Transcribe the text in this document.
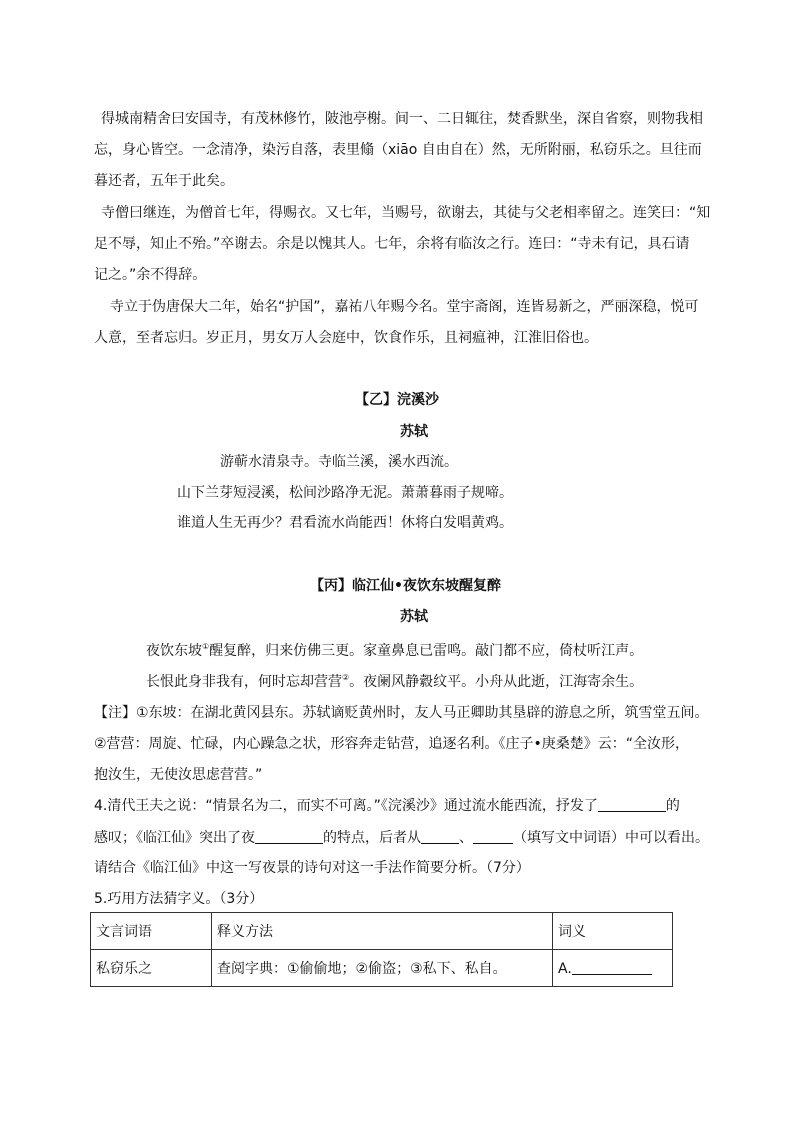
得城南精舍曰安国寺，有茂林修竹，陂池亭榭。间一、二日辄往，焚香默坐，深自省察，则物我相
忘，身心皆空。一念清净，染污自落，表里翛（xiāo 自由自在）然，无所附丽，私窃乐之。旦往而
暮还者，五年于此矣。
寺僧曰继连，为僧首七年，得赐衣。又七年，当赐号，欲谢去，其徒与父老相率留之。连笑曰：“知
足不辱，知止不殆。”卒谢去。余是以愧其人。七年，余将有临汝之行。连曰：“寺未有记，具石请
记之。”余不得辞。
寺立于伪唐保大二年，始名“护国”，嘉祐八年赐今名。堂宇斋阁，连皆易新之，严丽深稳，悦可
人意，至者忘归。岁正月，男女万人会庭中，饮食作乐，且祠瘟神，江淮旧俗也。
【乙】浣溪沙
苏轼
游蕲水清泉寺。寺临兰溪，溪水西流。
山下兰芽短浸溪，松间沙路净无泥。萧萧暮雨子规啼。
谁道人生无再少？君看流水尚能西！休将白发唱黄鸡。
【丙】临江仙•夜饮东坡醒复醉
苏轼
夜饮东坡①醒复醉，归来仿佛三更。家童鼻息已雷鸣。敲门都不应，倚杖听江声。
长恨此身非我有，何时忘却营营②。夜阑风静縠纹平。小舟从此逝，江海寄余生。
【注】①东坡：在湖北黄冈县东。苏轼谪贬黄州时，友人马正卿助其垦辟的游息之所，筑雪堂五间。
②营营：周旋、忙碌，内心躁急之状，形容奔走钻营，追逐名利。《庄子•庚桑楚》云：“全汝形，
抱汝生，无使汝思虑营营。”
4.清代王夫之说：“情景名为二，而实不可离。”《浣溪沙》通过流水能西流，抒发了	的
感叹；《临江仙》突出了夜	的特点，后者从	、	（填写文中词语）中可以看出。
请结合《临江仙》中这一写夜景的诗句对这一手法作简要分析。（7分）
5.巧用方法猜字义。（3分）
文言词语	释义方法	词义
私窃乐之	查阅字典：①偷偷地；②偷盗；③私下、私自。	A.
